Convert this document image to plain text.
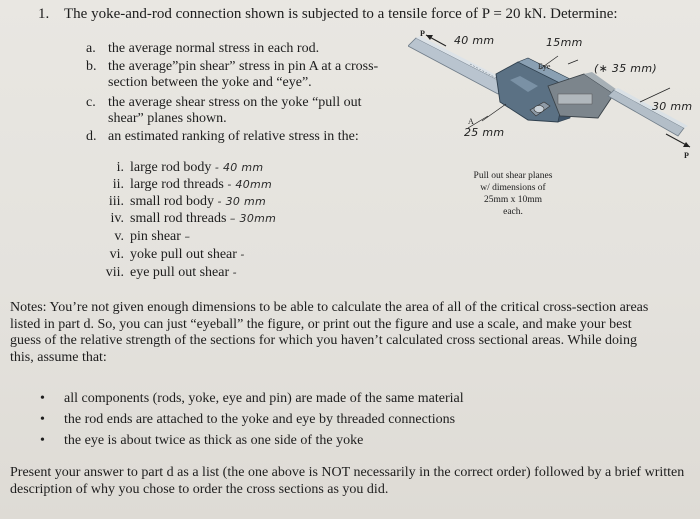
1. The yoke-and-rod connection shown is subjected to a tensile force of P = 20 kN. Determine:
a. the average normal stress in each rod.
b. the average”pin shear” stress in pin A at a cross-section between the yoke and “eye”.
c. the average shear stress on the yoke “pull out shear” planes shown.
d. an estimated ranking of relative stress in the:
i. large rod body - 40 mm
ii. large rod threads - 40mm
iii. small rod body - 30 mm
iv. small rod threads – 30mm
v. pin shear –
vi. yoke pull out shear -
vii. eye pull out shear -
P
P
A
Eye
40 mm	15mm
(∗ 35 mm)
30 mm
25 mm
Pull out shear planes w/ dimensions of 25mm x 10mm each.
Notes: You’re not given enough dimensions to be able to calculate the area of all of the critical cross-section areas listed in part d. So, you can just “eyeball” the figure, or print out the figure and use a scale, and make your best guess of the relative strength of the sections for which you haven’t calculated cross sectional areas. While doing this, assume that:
• all components (rods, yoke, eye and pin) are made of the same material
• the rod ends are attached to the yoke and eye by threaded connections
• the eye is about twice as thick as one side of the yoke
Present your answer to part d as a list (the one above is NOT necessarily in the correct order) followed by a brief written description of why you chose to order the cross sections as you did.
